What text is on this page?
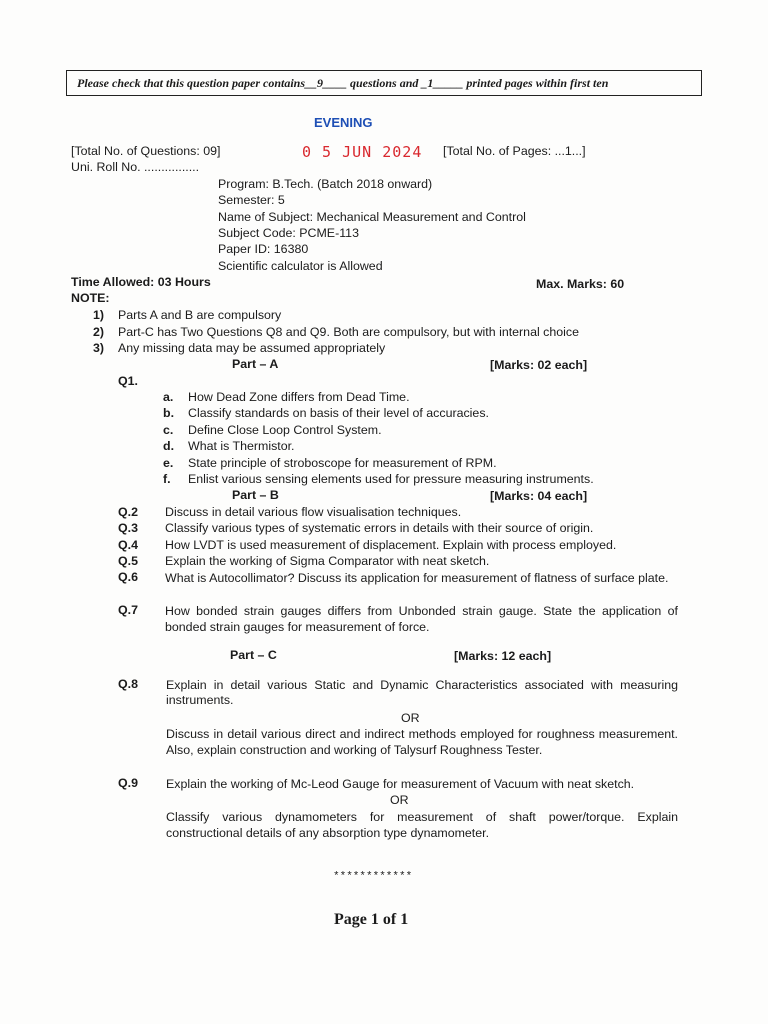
Please check that this question paper contains__9____ questions and _1_____ printed pages within first ten
EVENING
[Total No. of Questions: 09]	0 5 JUN 2024 [Total No. of Pages: ...1...]
Uni. Roll No. ................
Program: B.Tech. (Batch 2018 onward)
Semester: 5
Name of Subject: Mechanical Measurement and Control
Subject Code: PCME-113
Paper ID: 16380
Scientific calculator is Allowed
Time Allowed: 03 Hours	Max. Marks: 60
NOTE:
1) Parts A and B are compulsory
2) Part-C has Two Questions Q8 and Q9. Both are compulsory, but with internal choice
3) Any missing data may be assumed appropriately
Part – A	[Marks: 02 each]
Q1.
a. How Dead Zone differs from Dead Time.
b. Classify standards on basis of their level of accuracies.
c. Define Close Loop Control System.
d. What is Thermistor.
e. State principle of stroboscope for measurement of RPM.
f. Enlist various sensing elements used for pressure measuring instruments.
Part – B	[Marks: 04 each]
Q.2 Discuss in detail various flow visualisation techniques.
Q.3 Classify various types of systematic errors in details with their source of origin.
Q.4 How LVDT is used measurement of displacement. Explain with process employed.
Q.5 Explain the working of Sigma Comparator with neat sketch.
Q.6 What is Autocollimator? Discuss its application for measurement of flatness of surface plate.
Q.7 How bonded strain gauges differs from Unbonded strain gauge. State the application of bonded strain gauges for measurement of force.
Part – C	[Marks: 12 each]
Q.8 Explain in detail various Static and Dynamic Characteristics associated with measuring instruments.
OR
Discuss in detail various direct and indirect methods employed for roughness measurement. Also, explain construction and working of Talysurf Roughness Tester.
Q.9 Explain the working of Mc-Leod Gauge for measurement of Vacuum with neat sketch.
OR
Classify various dynamometers for measurement of shaft power/torque. Explain constructional details of any absorption type dynamometer.
************
Page 1 of 1
